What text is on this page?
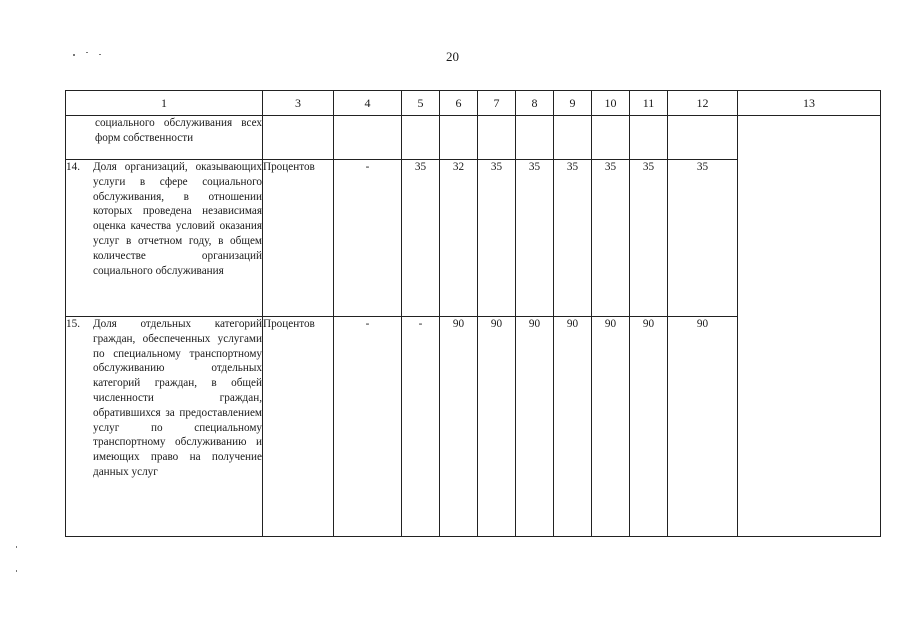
20
1	3	4	5	6	7	8	9	10	11	12	13

социального обслуживания всех форм собственности											

14. Доля организаций, оказывающих услуги в сфере социального обслуживания, в отношении которых проведена независимая оценка качества условий оказания услуг в отчетном году, в общем количестве организаций социального обслуживания	Процентов	-	35	32	35	35	35	35	35	35	

15. Доля отдельных категорий граждан, обеспеченных услугами по специальному транспортному обслуживанию отдельных категорий граждан, в общей численности граждан, обратившихся за предоставлением услуг по специальному транспортному обслуживанию и имеющих право на получение данных услуг	Процентов	-	-	90	90	90	90	90	90	90	
